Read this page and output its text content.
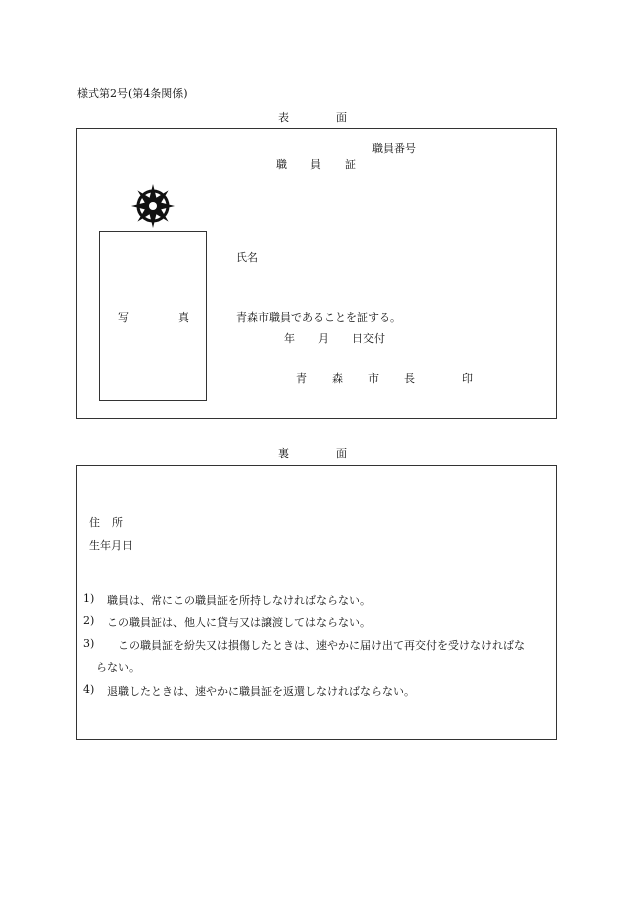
様式第2号(第4条関係)
表	面
職員番号
職 員 証
写	真
氏名
青森市職員であることを証する。
年 月 日交付
青 森 市 長	印
裏	面
住 所
生年月日
1) 職員は、常にこの職員証を所持しなければならない。
2) この職員証は、他人に貸与又は譲渡してはならない。
3) この職員証を紛失又は損傷したときは、速やかに届け出て再交付を受けなければな
らない。
4) 退職したときは、速やかに職員証を返還しなければならない。
